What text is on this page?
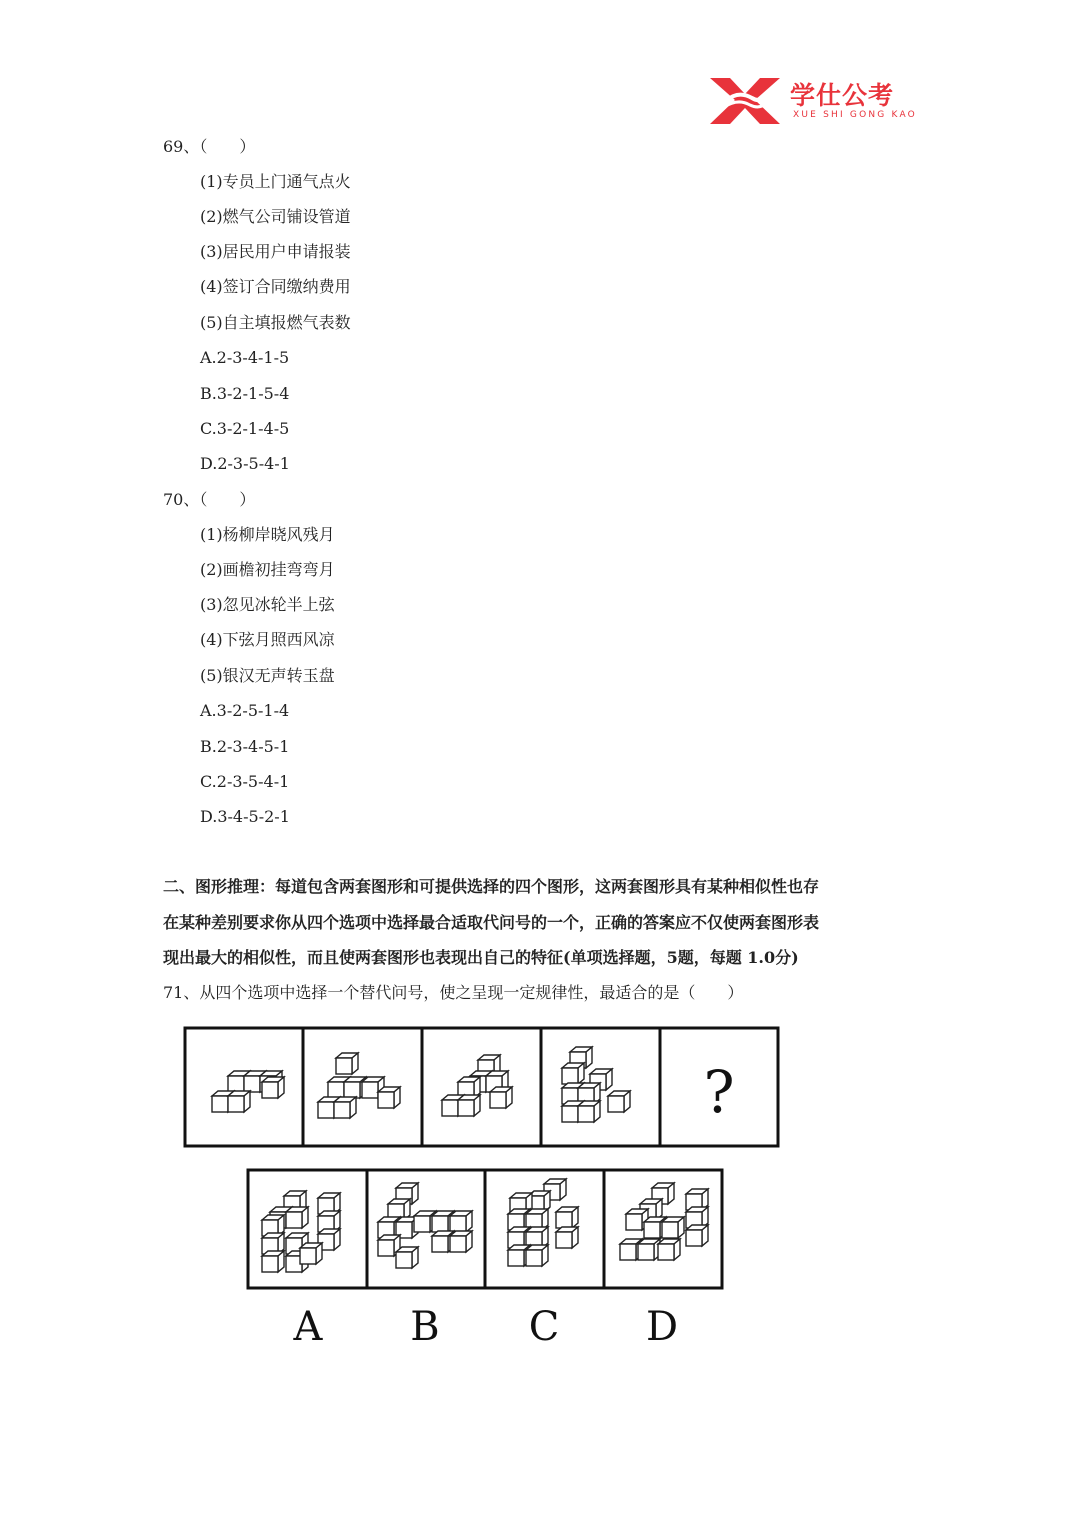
学仕公考
XUE SHI GONG KAO
69、（　　）
(1)专员上门通气点火
(2)燃气公司铺设管道
(3)居民用户申请报装
(4)签订合同缴纳费用
(5)自主填报燃气表数
A.2-3-4-1-5
B.3-2-1-5-4
C.3-2-1-4-5
D.2-3-5-4-1
70、（　　）
(1)杨柳岸晓风残月
(2)画檐初挂弯弯月
(3)忽见冰轮半上弦
(4)下弦月照西风凉
(5)银汉无声转玉盘
A.3-2-5-1-4
B.2-3-4-5-1
C.2-3-5-4-1
D.3-4-5-2-1
二、图形推理：每道包含两套图形和可提供选择的四个图形，这两套图形具有某种相似性也存
在某种差别要求你从四个选项中选择最合适取代问号的一个，正确的答案应不仅使两套图形表
现出最大的相似性，而且使两套图形也表现出自己的特征(单项选择题，5题，每题 1.0分)
71、从四个选项中选择一个替代问号，使之呈现一定规律性，最适合的是（　　）
?
A B C D
